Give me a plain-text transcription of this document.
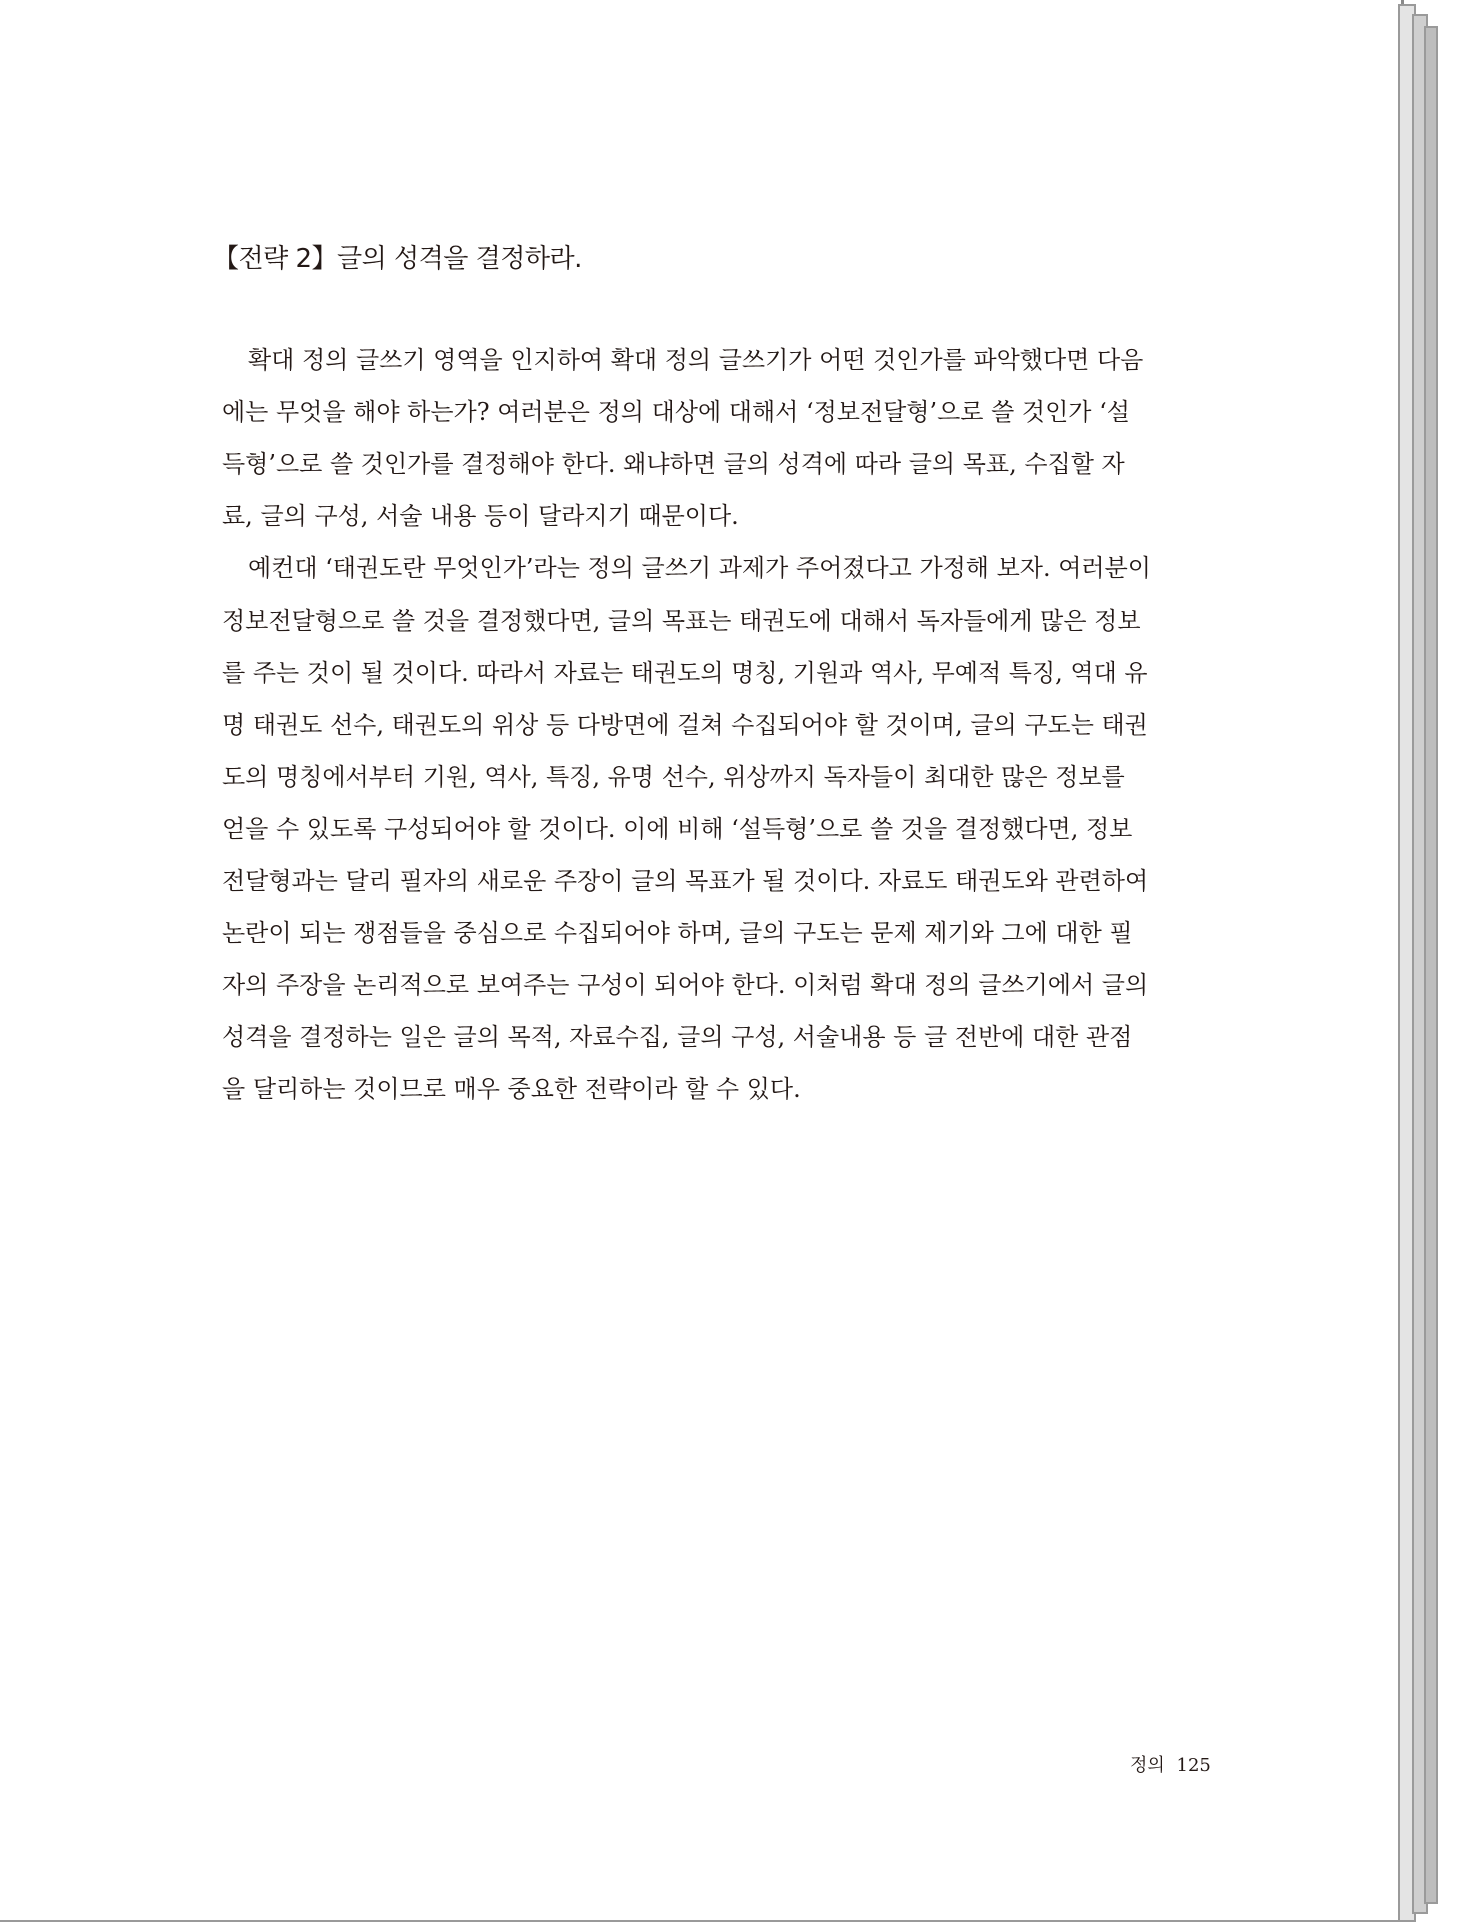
【전략 2】글의 성격을 결정하라.
확대 정의 글쓰기 영역을 인지하여 확대 정의 글쓰기가 어떤 것인가를 파악했다면 다음
에는 무엇을 해야 하는가? 여러분은 정의 대상에 대해서 ‘정보전달형’으로 쓸 것인가 ‘설
득형’으로 쓸 것인가를 결정해야 한다. 왜냐하면 글의 성격에 따라 글의 목표, 수집할 자
료, 글의 구성, 서술 내용 등이 달라지기 때문이다.
예컨대 ‘태권도란 무엇인가’라는 정의 글쓰기 과제가 주어졌다고 가정해 보자. 여러분이
정보전달형으로 쓸 것을 결정했다면, 글의 목표는 태권도에 대해서 독자들에게 많은 정보
를 주는 것이 될 것이다. 따라서 자료는 태권도의 명칭, 기원과 역사, 무예적 특징, 역대 유
명 태권도 선수, 태권도의 위상 등 다방면에 걸쳐 수집되어야 할 것이며, 글의 구도는 태권
도의 명칭에서부터 기원, 역사, 특징, 유명 선수, 위상까지 독자들이 최대한 많은 정보를
얻을 수 있도록 구성되어야 할 것이다. 이에 비해 ‘설득형’으로 쓸 것을 결정했다면, 정보
전달형과는 달리 필자의 새로운 주장이 글의 목표가 될 것이다. 자료도 태권도와 관련하여
논란이 되는 쟁점들을 중심으로 수집되어야 하며, 글의 구도는 문제 제기와 그에 대한 필
자의 주장을 논리적으로 보여주는 구성이 되어야 한다. 이처럼 확대 정의 글쓰기에서 글의
성격을 결정하는 일은 글의 목적, 자료수집, 글의 구성, 서술내용 등 글 전반에 대한 관점
을 달리하는 것이므로 매우 중요한 전략이라 할 수 있다.
정의 125
